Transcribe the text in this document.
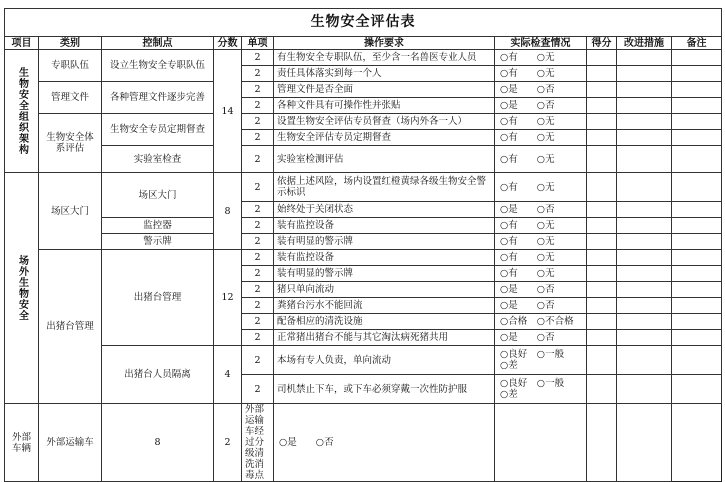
生物安全评估表									
项目	类别	控制点	分数	单项	操作要求	实际检查情况	得分	改进措施	备注
生物安全组织架构	专职队伍	设立生物安全专职队伍	14	2	有生物安全专职队伍，至少含一名兽医专业人员	○有　　○无			
				2	责任具体落实到每一个人	○有　　○无			
	管理文件	各种管理文件逐步完善		2	管理文件是否全面	○是　　○否			
				2	各种文件具有可操作性并张贴	○是　　○否			
	生物安全体系评估	生物安全专员定期督查		2	设置生物安全评估专员督查（场内外各一人）	○有　　○无			
				2	生物安全评估专员定期督查	○有　　○无			
		实验室检查		2	实验室检测评估	○有　　○无			
场外生物安全	场区大门	场区大门	8	2	依据上述风险，场内设置红橙黄绿各级生物安全警示标识	○有　　○无			
				2	始终处于关闭状态	○是　　○否			
		监控器		2	装有监控设备	○有　　○无			
		警示牌		2	装有明显的警示牌	○有　　○无			
	出猪台管理	出猪台管理	12	2	装有监控设备	○有　　○无			
				2	装有明显的警示牌	○有　　○无			
				2	猪只单向流动	○是　　○否			
				2	粪猪台污水不能回流	○是　　○否			
				2	配备相应的清洗设施	○合格　○不合格			
				2	正常猪出猪台不能与其它淘汰病死猪共用	○是　　○否			
		出猪台人员隔离	4	2	本场有专人负责，单向流动	○良好　○一般
○差			
				2	司机禁止下车，或下车必须穿戴一次性防护服	○良好　○一般
○差			
外部车辆	外部运输车	8	2	外部运输车经过分级清洗消毒点	○是　　○否				
